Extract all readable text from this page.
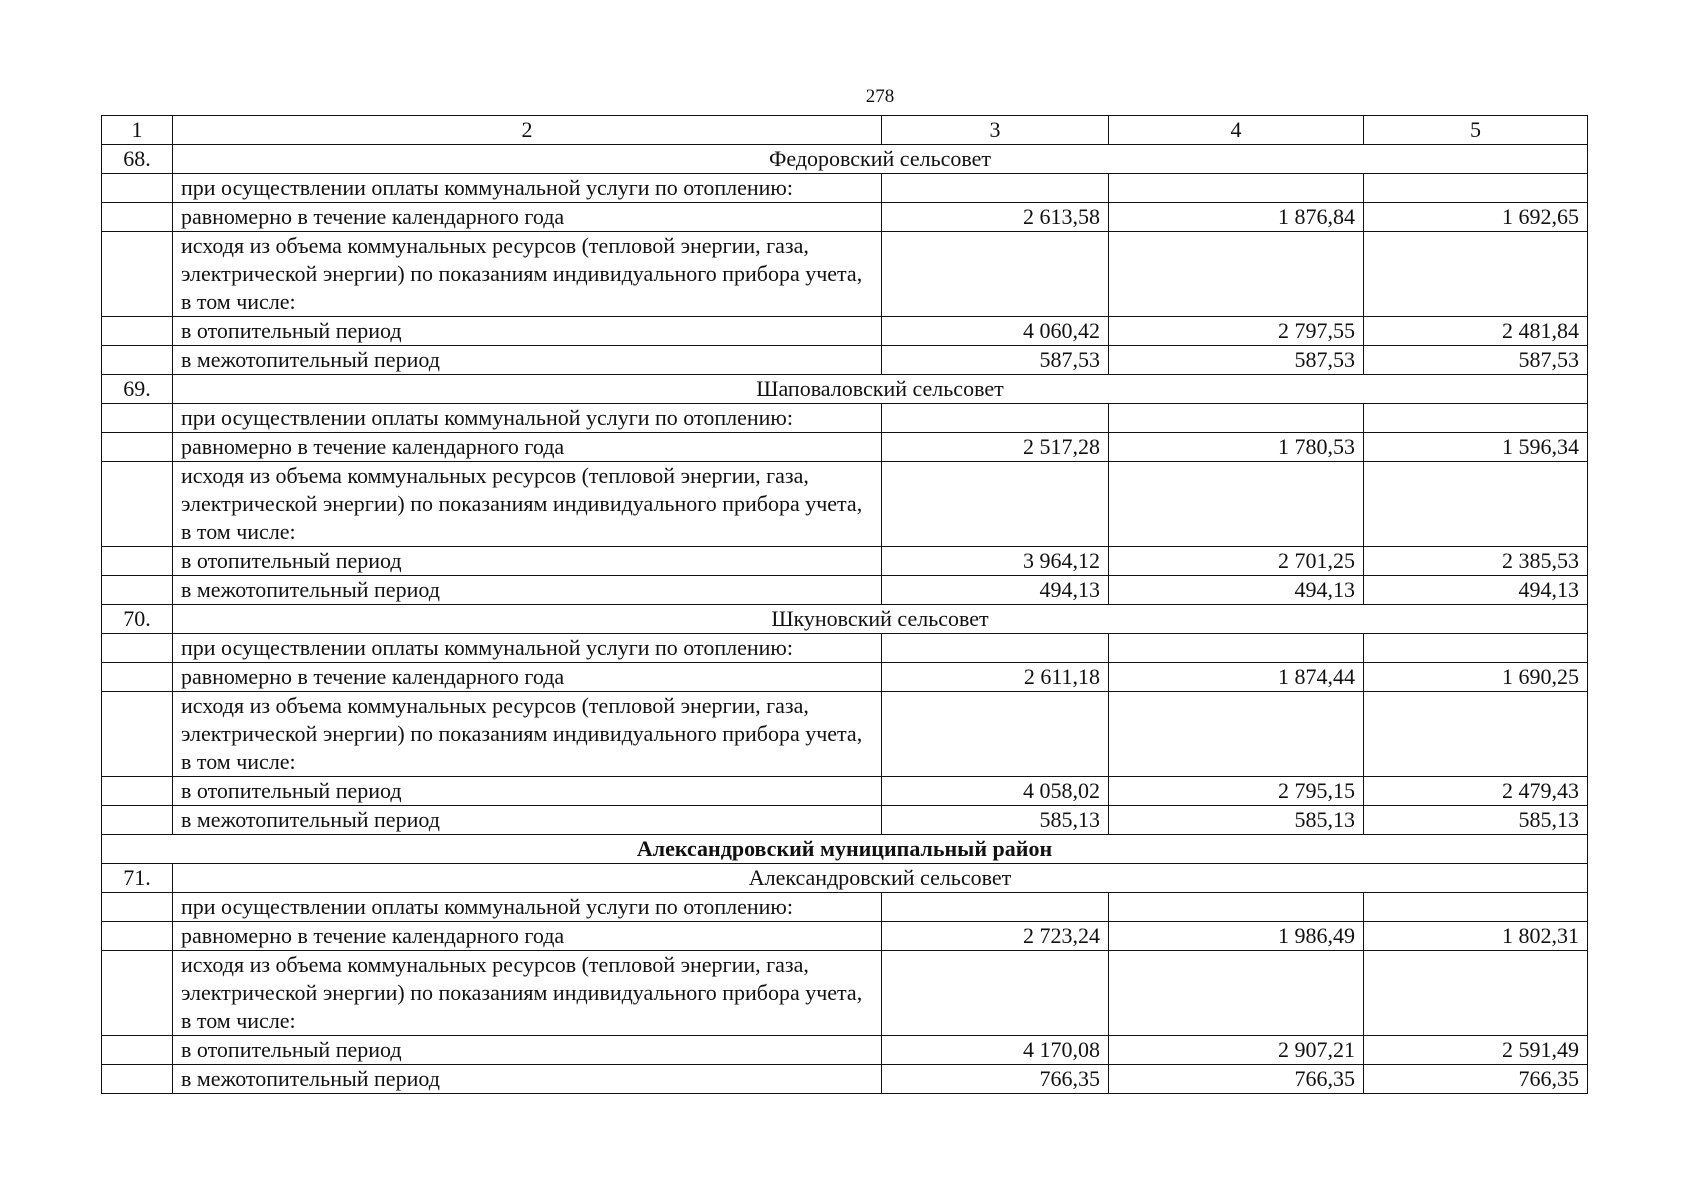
278
1	2	3	4	5
68.	Федоровский сельсовет			
	при осуществлении оплаты коммунальной услуги по отоплению:			
	равномерно в течение календарного года	2 613,58	1 876,84	1 692,65
	исходя из объема коммунальных ресурсов (тепловой энергии, газа, электрической энергии) по показаниям индивидуального прибора учета, в том числе:			
	в отопительный период	4 060,42	2 797,55	2 481,84
	в межотопительный период	587,53	587,53	587,53
69.	Шаповаловский сельсовет			
	при осуществлении оплаты коммунальной услуги по отоплению:			
	равномерно в течение календарного года	2 517,28	1 780,53	1 596,34
	исходя из объема коммунальных ресурсов (тепловой энергии, газа, электрической энергии) по показаниям индивидуального прибора учета, в том числе:			
	в отопительный период	3 964,12	2 701,25	2 385,53
	в межотопительный период	494,13	494,13	494,13
70.	Шкуновский сельсовет			
	при осуществлении оплаты коммунальной услуги по отоплению:			
	равномерно в течение календарного года	2 611,18	1 874,44	1 690,25
	исходя из объема коммунальных ресурсов (тепловой энергии, газа, электрической энергии) по показаниям индивидуального прибора учета, в том числе:			
	в отопительный период	4 058,02	2 795,15	2 479,43
	в межотопительный период	585,13	585,13	585,13
Александровский муниципальный район				
71.	Александровский сельсовет			
	при осуществлении оплаты коммунальной услуги по отоплению:			
	равномерно в течение календарного года	2 723,24	1 986,49	1 802,31
	исходя из объема коммунальных ресурсов (тепловой энергии, газа, электрической энергии) по показаниям индивидуального прибора учета, в том числе:			
	в отопительный период	4 170,08	2 907,21	2 591,49
	в межотопительный период	766,35	766,35	766,35
